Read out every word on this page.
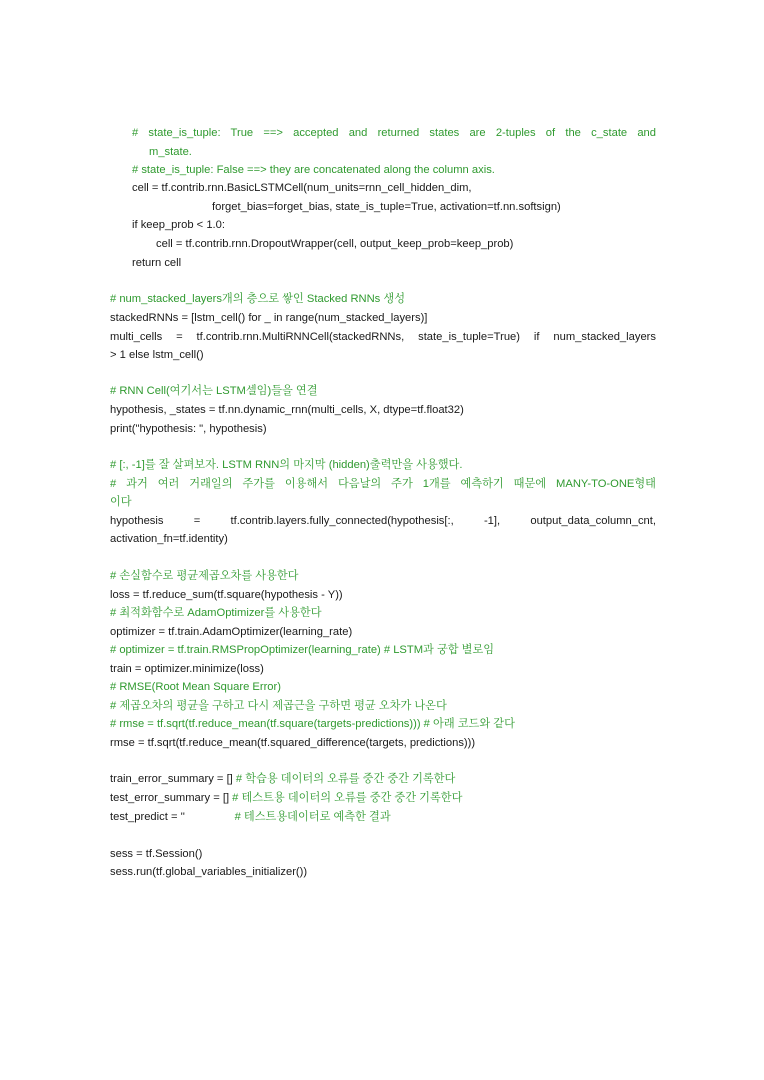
# state_is_tuple: True ==> accepted and returned states are 2-tuples of the c_state and
m_state.
# state_is_tuple: False ==> they are concatenated along the column axis.
cell = tf.contrib.rnn.BasicLSTMCell(num_units=rnn_cell_hidden_dim,
forget_bias=forget_bias, state_is_tuple=True, activation=tf.nn.softsign)
if keep_prob < 1.0:
cell = tf.contrib.rnn.DropoutWrapper(cell, output_keep_prob=keep_prob)
return cell
# num_stacked_layers개의 층으로 쌓인 Stacked RNNs 생성
stackedRNNs = [lstm_cell() for _ in range(num_stacked_layers)]
multi_cells = tf.contrib.rnn.MultiRNNCell(stackedRNNs, state_is_tuple=True) if num_stacked_layers
> 1 else lstm_cell()
# RNN Cell(여기서는 LSTM셀임)들을 연결
hypothesis, _states = tf.nn.dynamic_rnn(multi_cells, X, dtype=tf.float32)
print("hypothesis: ", hypothesis)
# [:, -1]를 잘 살펴보자. LSTM RNN의 마지막 (hidden)출력만을 사용했다.
# 과거 여러 거래일의 주가를 이용해서 다음날의 주가 1개를 예측하기 때문에 MANY-TO-ONE형태
이다
hypothesis = tf.contrib.layers.fully_connected(hypothesis[:, -1], output_data_column_cnt,
activation_fn=tf.identity)
# 손실함수로 평균제곱오차를 사용한다
loss = tf.reduce_sum(tf.square(hypothesis - Y))
# 최적화함수로 AdamOptimizer를 사용한다
optimizer = tf.train.AdamOptimizer(learning_rate)
# optimizer = tf.train.RMSPropOptimizer(learning_rate) # LSTM과 궁합 별로임
train = optimizer.minimize(loss)
# RMSE(Root Mean Square Error)
# 제곱오차의 평균을 구하고 다시 제곱근을 구하면 평균 오차가 나온다
# rmse = tf.sqrt(tf.reduce_mean(tf.square(targets-predictions))) # 아래 코드와 같다
rmse = tf.sqrt(tf.reduce_mean(tf.squared_difference(targets, predictions)))
train_error_summary = [] # 학습용 데이터의 오류를 중간 중간 기록한다
test_error_summary = [] # 테스트용 데이터의 오류를 중간 중간 기록한다
test_predict = ''                # 테스트용데이터로 예측한 결과
sess = tf.Session()
sess.run(tf.global_variables_initializer())
